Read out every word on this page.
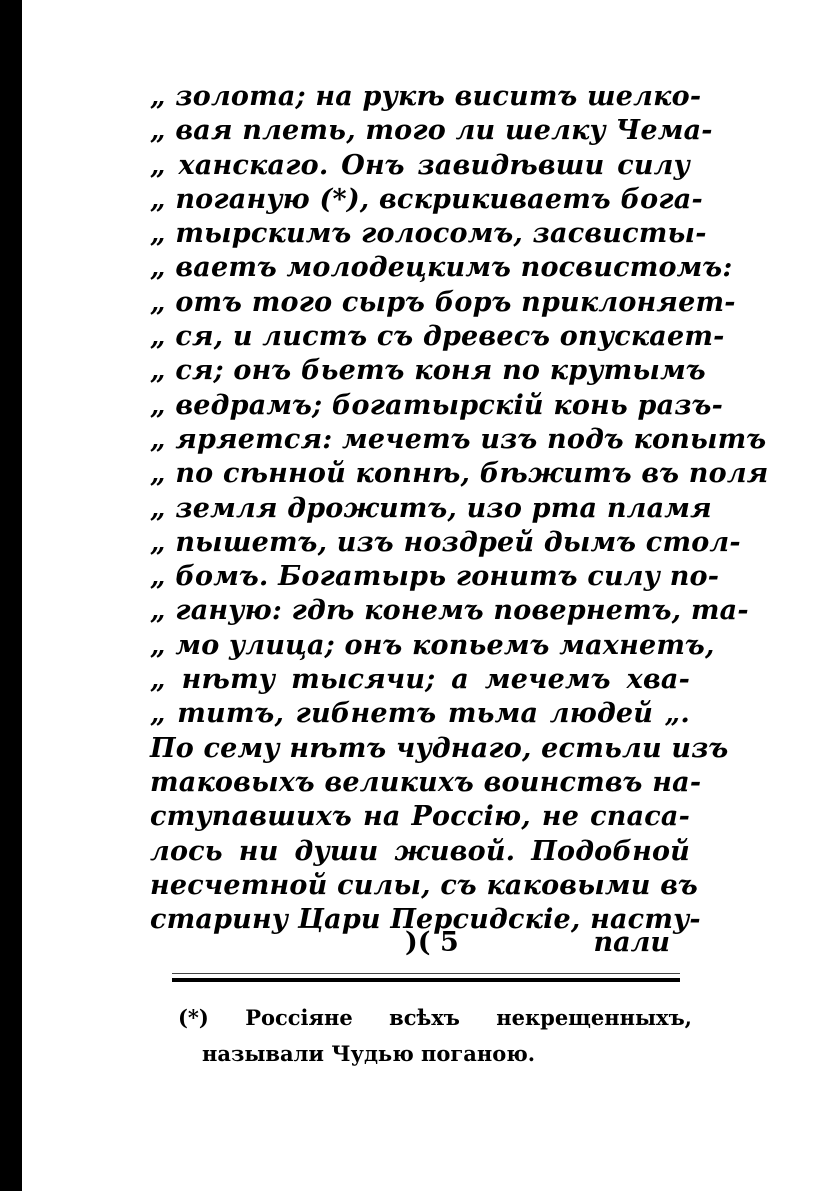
„ золота; на рукѣ виситъ шелко-
„ вая плеть, того ли шелку Чема-
„ ханскаго. Онъ завидѣвши силу
„ поганую (*), вскрикиваетъ бога-
„ тырскимъ голосомъ, засвисты-
„ ваетъ молодецкимъ посвистомъ:
„ отъ того сыръ боръ приклоняет-
„ ся, и листъ съ древесъ опускает-
„ ся; онъ бьетъ коня по крутымъ
„ ведрамъ; богатырскій конь разъ-
„ яряется: мечетъ изъ подъ копытъ
„ по сѣнной копнѣ, бѣжитъ въ поля
„ земля дрожитъ, изо рта пламя
„ пышетъ, изъ ноздрей дымъ стол-
„ бомъ. Богатырь гонитъ силу по-
„ ганую: гдѣ конемъ повернетъ, та-
„ мо улица; онъ копьемъ махнетъ,
„ нѣту тысячи; а мечемъ хва-
„ титъ, гибнетъ тьма людей „.
По сему нѣтъ чуднаго, естьли изъ
таковыхъ великихъ воинствъ на-
ступавшихъ на Россію, не спаса-
лось ни души живой. Подобной
несчетной силы, съ каковыми въ
старину Цари Персидскіе, насту-
)( 5	пали
(*) Россіяне всѣхъ некрещенныхъ,
называли Чудью поганою.
